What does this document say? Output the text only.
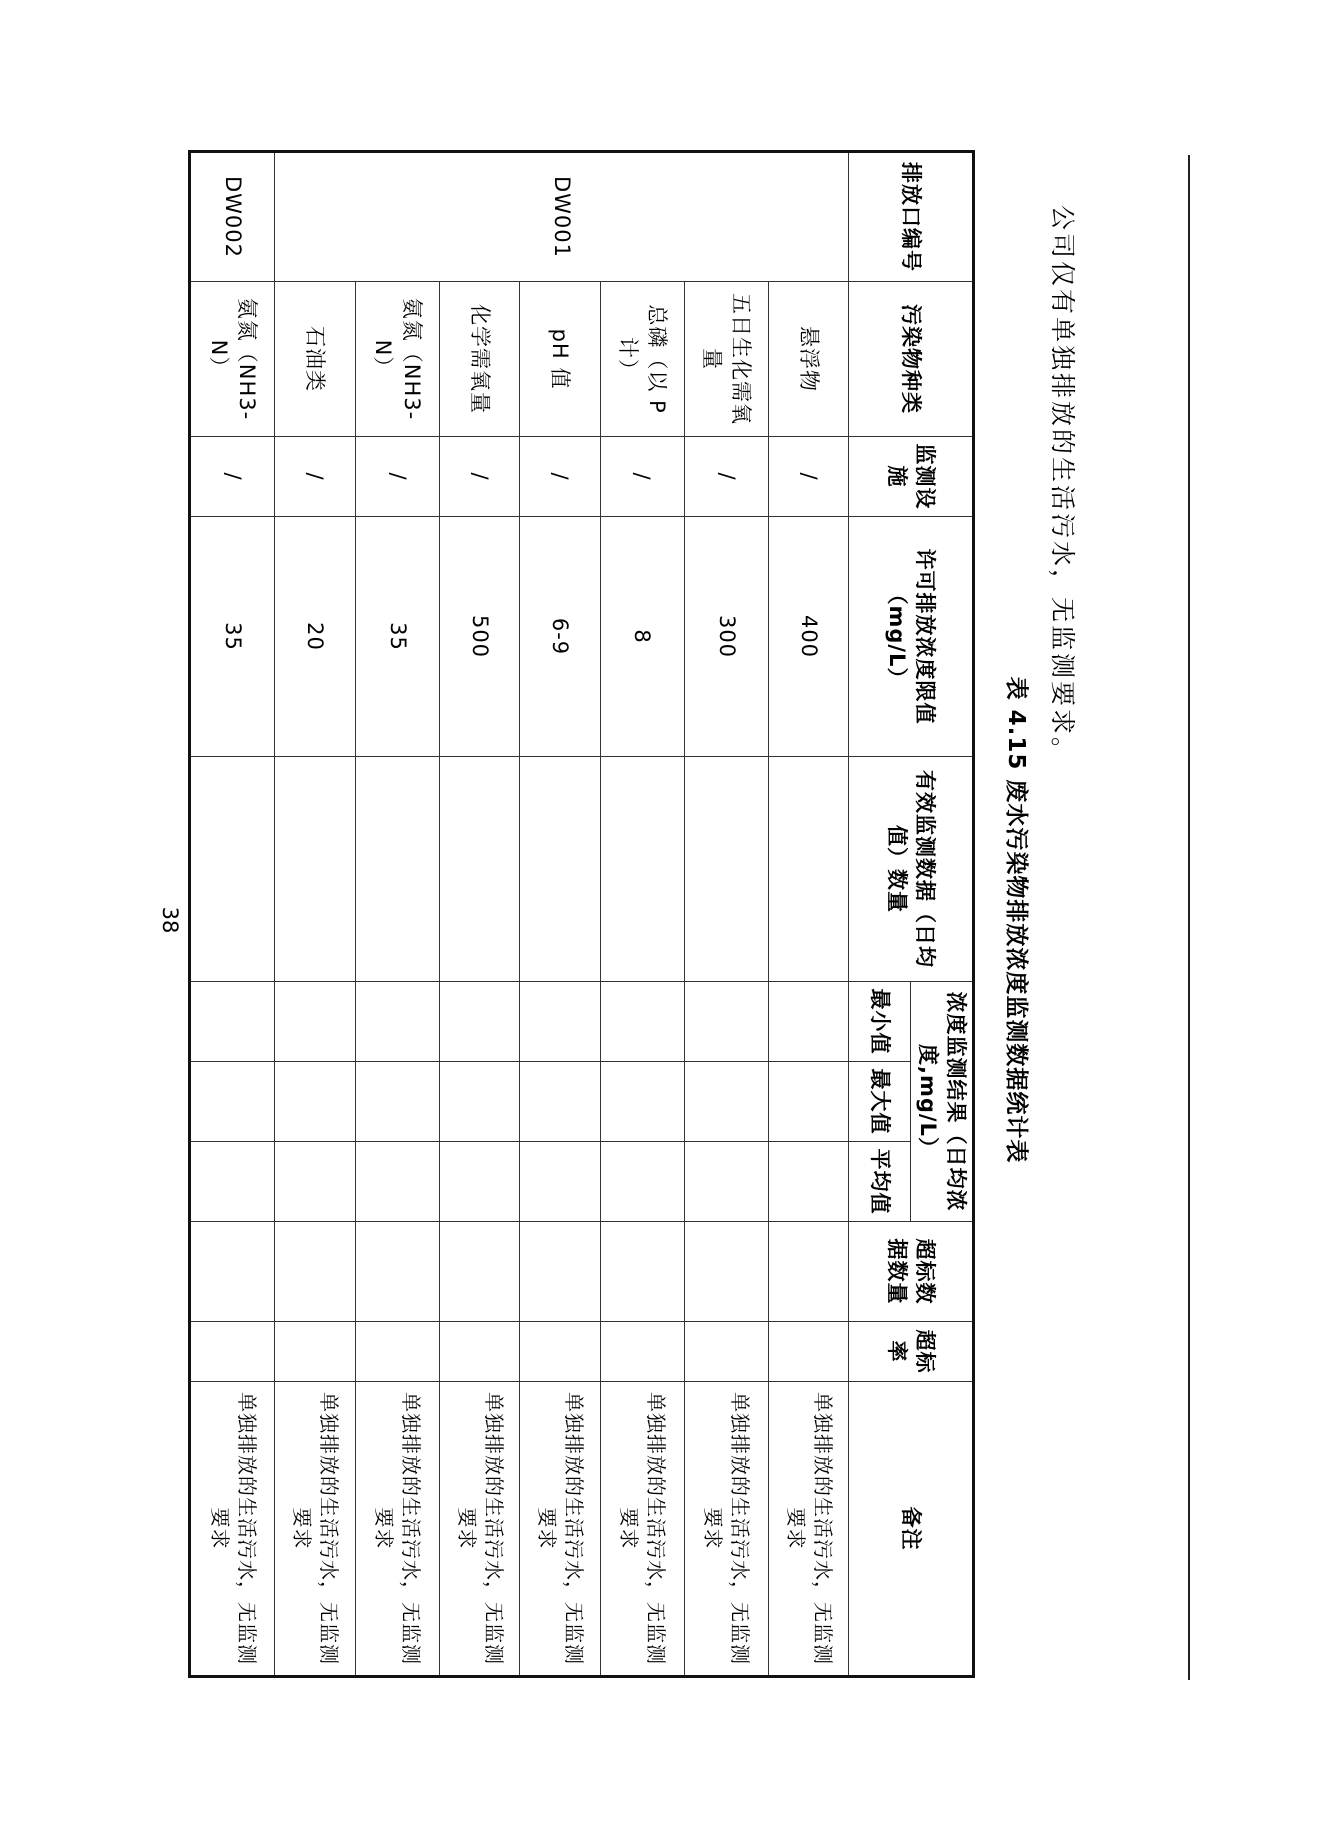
公司仅有单独排放的生活污水，无监测要求。
表 4.15 废水污染物排放浓度监测数据统计表
排放口编号	污染物种类	监测设施	许可排放浓度限值（mg/L）	有效监测数据（日均值）数量	浓度监测结果（日均浓度,mg/L）			超标数据数量	超标率	备注
					最小值	最大值	平均值			
DW001	悬浮物	/	400							单独排放的生活污水，无监测要求
	五日生化需氧量	/	300							单独排放的生活污水，无监测要求
	总磷（以 P 计）	/	8							单独排放的生活污水，无监测要求
	pH 值	/	6-9							单独排放的生活污水，无监测要求
	化学需氧量	/	500							单独排放的生活污水，无监测要求
	氨氮（NH3-N）	/	35							单独排放的生活污水，无监测要求
	石油类	/	20							单独排放的生活污水，无监测要求
DW002	氨氮（NH3-N）	/	35							单独排放的生活污水，无监测要求
38
